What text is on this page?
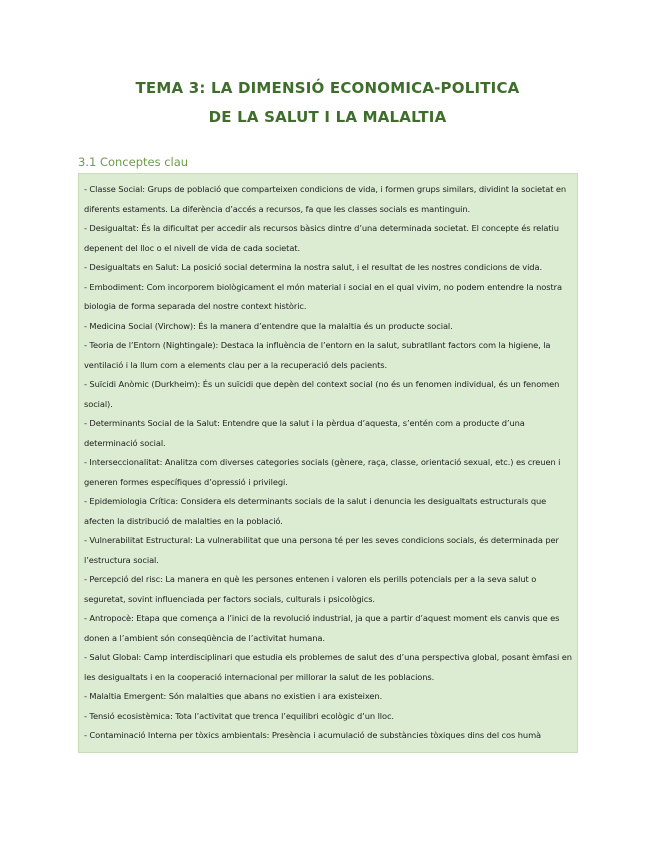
TEMA 3: LA DIMENSIÓ ECONOMICA-POLITICA
DE LA SALUT I LA MALALTIA
3.1 Conceptes clau
- Classe Social: Grups de població que comparteixen condicions de vida, i formen grups similars, dividint la societat en diferents estaments. La diferència d’accés a recursos, fa que les classes socials es mantinguin.
- Desigualtat: És la dificultat per accedir als recursos bàsics dintre d’una determinada societat. El concepte és relatiu depenent del lloc o el nivell de vida de cada societat.
- Desigualtats en Salut: La posició social determina la nostra salut, i el resultat de les nostres condicions de vida.
- Embodiment: Com incorporem biològicament el món material i social en el qual vivim, no podem entendre la nostra biologia de forma separada del nostre context històric.
- Medicina Social (Virchow): És la manera d’entendre que la malaltia és un producte social.
- Teoria de l’Entorn (Nightingale): Destaca la influència de l’entorn en la salut, subratllant factors com la higiene, la ventilació i la llum com a elements clau per a la recuperació dels pacients.
- Suïcidi Anòmic (Durkheim): És un suïcidi que depèn del context social (no és un fenomen individual, és un fenomen social).
- Determinants Social de la Salut: Entendre que la salut i la pèrdua d’aquesta, s’entén com a producte d’una determinació social.
- Interseccionalitat: Analitza com diverses categories socials (gènere, raça, classe, orientació sexual, etc.) es creuen i generen formes específiques d’opressió i privilegi.
- Epidemiologia Crítica: Considera els determinants socials de la salut i denuncia les desigualtats estructurals que afecten la distribució de malalties en la població.
- Vulnerabilitat Estructural: La vulnerabilitat que una persona té per les seves condicions socials, és determinada per l’estructura social.
- Percepció del risc: La manera en què les persones entenen i valoren els perills potencials per a la seva salut o seguretat, sovint influenciada per factors socials, culturals i psicològics.
- Antropocè: Etapa que comença a l’inici de la revolució industrial, ja que a partir d’aquest moment els canvis que es donen a l’ambient són conseqüència de l’activitat humana.
- Salut Global: Camp interdisciplinari que estudia els problemes de salut des d’una perspectiva global, posant èmfasi en les desigualtats i en la cooperació internacional per millorar la salut de les poblacions.
- Malaltia Emergent: Són malalties que abans no existien i ara existeixen.
- Tensió ecosistèmica: Tota l’activitat que trenca l’equilibri ecològic d’un lloc.
- Contaminació Interna per tòxics ambientals: Presència i acumulació de substàncies tòxiques dins del cos humà
